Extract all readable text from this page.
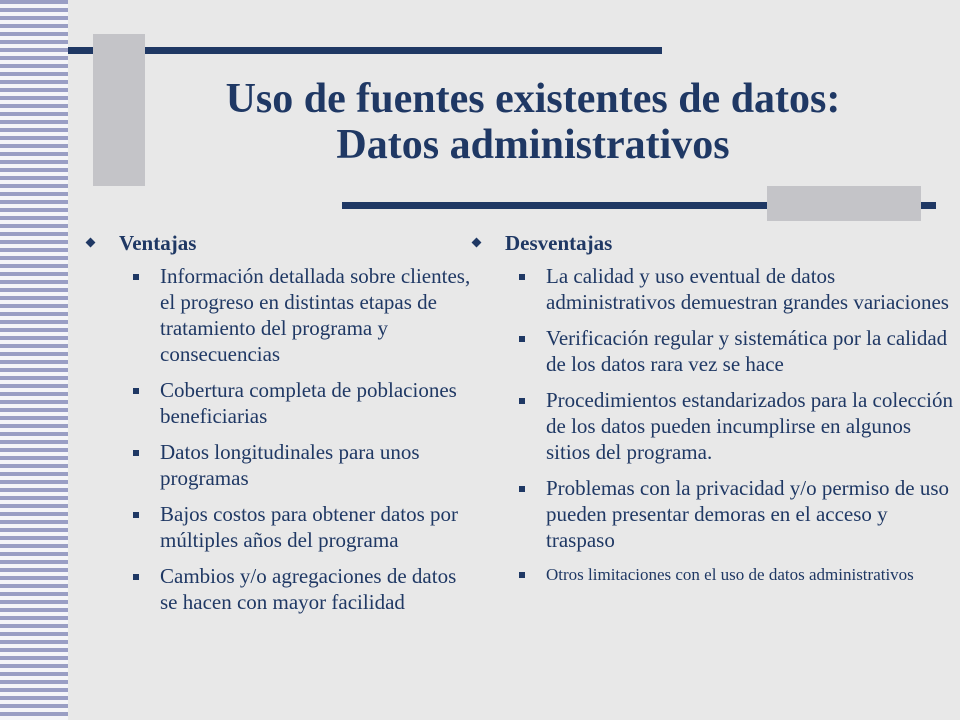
Uso de fuentes existentes de datos:
Datos administrativos
Ventajas
Información detallada sobre clientes, el progreso en distintas etapas de tratamiento del programa y consecuencias
Cobertura completa de poblaciones beneficiarias
Datos longitudinales para unos programas
Bajos costos para obtener datos por múltiples años del programa
Cambios y/o agregaciones de datos se hacen con mayor facilidad
Desventajas
La calidad y uso eventual de datos administrativos demuestran grandes variaciones
Verificación regular y sistemática por la calidad de los datos rara vez se hace
Procedimientos estandarizados para la colección de los datos pueden incumplirse en algunos sitios del programa.
Problemas con la privacidad y/o permiso de uso pueden presentar demoras en el acceso y traspaso
Otros limitaciones con el uso de datos administrativos
